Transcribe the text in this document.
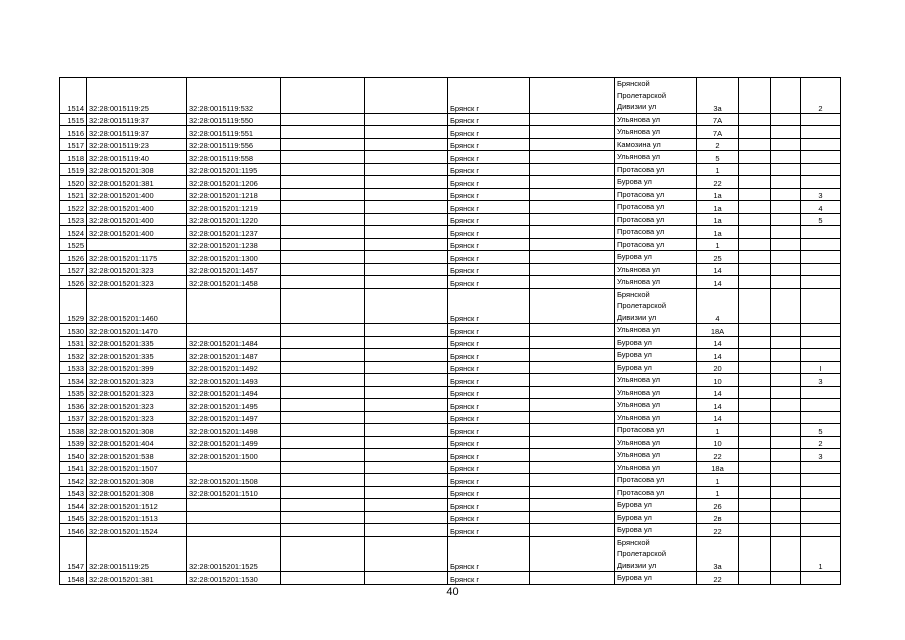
1514	32:28:0015119:25	32:28:0015119:532			Брянск г		Брянской Пролетарской Дивизии ул	3а			2
1515	32:28:0015119:37	32:28:0015119:550			Брянск г		Ульянова ул	7А			
1516	32:28:0015119:37	32:28:0015119:551			Брянск г		Ульянова ул	7А			
1517	32:28:0015119:23	32:28:0015119:556			Брянск г		Камозина ул	2			
1518	32:28:0015119:40	32:28:0015119:558			Брянск г		Ульянова ул	5			
1519	32:28:0015201:308	32:28:0015201:1195			Брянск г		Протасова ул	1			
1520	32:28:0015201:381	32:28:0015201:1206			Брянск г		Бурова ул	22			
1521	32:28:0015201:400	32:28:0015201:1218			Брянск г		Протасова ул	1а			3
1522	32:28:0015201:400	32:28:0015201:1219			Брянск г		Протасова ул	1а			4
1523	32:28:0015201:400	32:28:0015201:1220			Брянск г		Протасова ул	1а			5
1524	32:28:0015201:400	32:28:0015201:1237			Брянск г		Протасова ул	1а			
1525		32:28:0015201:1238			Брянск г		Протасова ул	1			
1526	32:28:0015201:1175	32:28:0015201:1300			Брянск г		Бурова ул	25			
1527	32:28:0015201:323	32:28:0015201:1457			Брянск г		Ульянова ул	14			
1526	32:28:0015201:323	32:28:0015201:1458			Брянск г		Ульянова ул	14			
1529	32:28:0015201:1460				Брянск г		Брянской Пролетарской Дивизии ул	4			
1530	32:28:0015201:1470				Брянск г		Ульянова ул	18А			
1531	32:28:0015201:335	32:28:0015201:1484			Брянск г		Бурова ул	14			
1532	32:28:0015201:335	32:28:0015201:1487			Брянск г		Бурова ул	14			
1533	32:28:0015201:399	32:28:0015201:1492			Брянск г		Бурова ул	20			I
1534	32:28:0015201:323	32:28:0015201:1493			Брянск г		Ульянова ул	10			3
1535	32:28:0015201:323	32:28:0015201:1494			Брянск г		Ульянова ул	14			
1536	32:28:0015201:323	32:28:0015201:1495			Брянск г		Ульянова ул	14			
1537	32:28:0015201:323	32:28:0015201:1497			Брянск г		Ульянова ул	14			
1538	32:28:0015201:308	32:28:0015201:1498			Брянск г		Протасова ул	1			5
1539	32:28:0015201:404	32:28:0015201:1499			Брянск г		Ульянова ул	10			2
1540	32:28:0015201:538	32:28:0015201:1500			Брянск г		Ульянова ул	22			3
1541	32:28:0015201:1507				Брянск г		Ульянова ул	18а			
1542	32:28:0015201:308	32:28:0015201:1508			Брянск г		Протасова ул	1			
1543	32:28:0015201:308	32:28:0015201:1510			Брянск г		Протасова ул	1			
1544	32:28:0015201:1512				Брянск г		Бурова ул	26			
1545	32:28:0015201:1513				Брянск г		Бурова ул	2в			
1546	32:28:0015201:1524				Брянск г		Бурова ул	22			
1547	32:28:0015119:25	32:28:0015201:1525			Брянск г		Брянской Пролетарской Дивизии ул	3а			1
1548	32:28:0015201:381	32:28:0015201:1530			Брянск г		Бурова ул	22			
40
